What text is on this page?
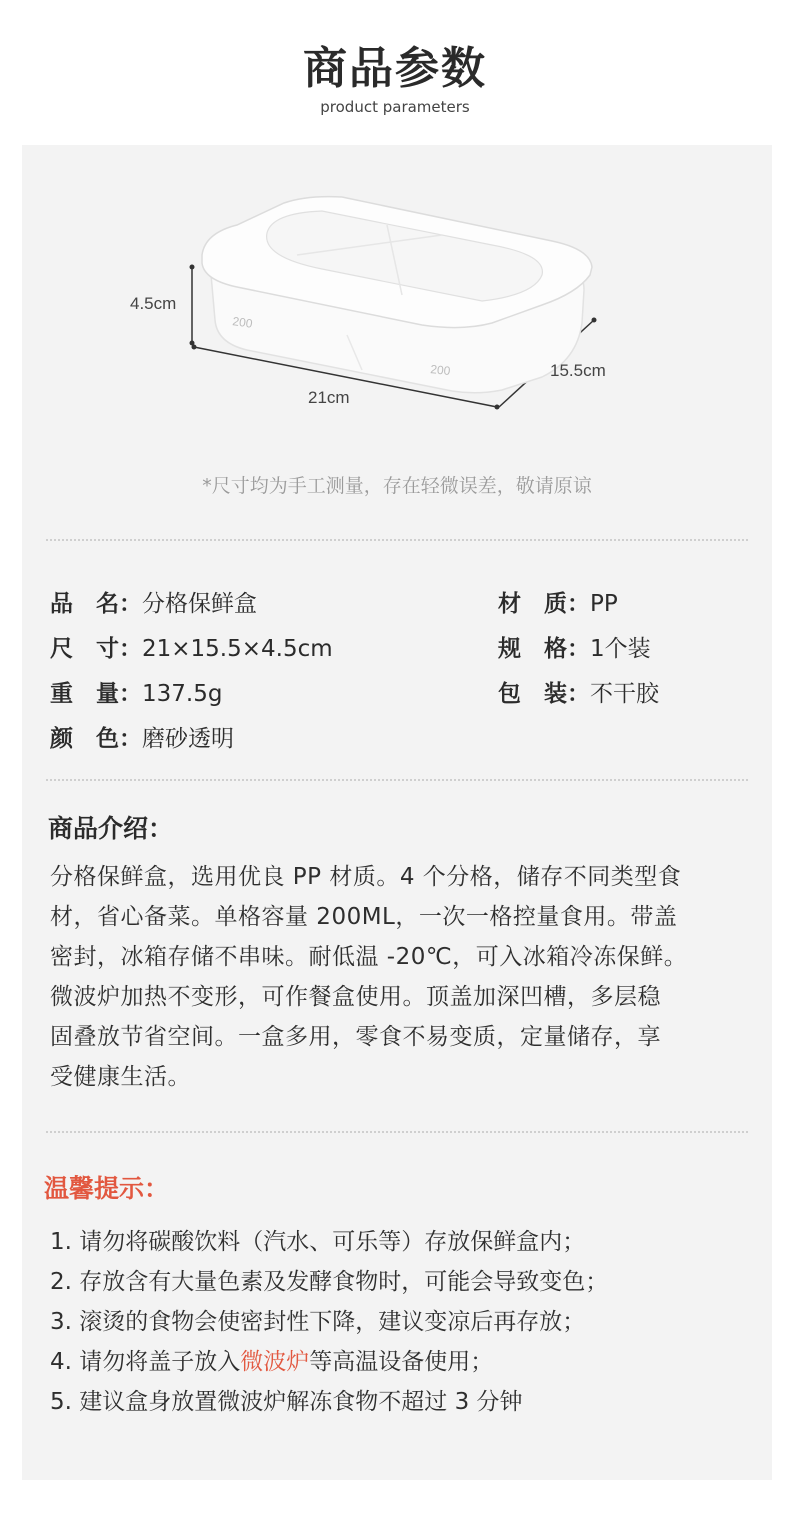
商品参数
product parameters
200
200
4.5cm
21cm
15.5cm
*尺寸均为手工测量，存在轻微误差，敬请原谅
品　名：分格保鲜盒	材　质：PP
尺　寸：21×15.5×4.5cm	规　格：1个装
重　量：137.5g	包　装：不干胶
颜　色：磨砂透明
商品介绍：
分格保鲜盒，选用优良 PP 材质。4 个分格，储存不同类型食
材，省心备菜。单格容量 200ML，一次一格控量食用。带盖
密封，冰箱存储不串味。耐低温 -20℃，可入冰箱冷冻保鲜。
微波炉加热不变形，可作餐盒使用。顶盖加深凹槽，多层稳
固叠放节省空间。一盒多用，零食不易变质，定量储存，享
受健康生活。
温馨提示：
1. 请勿将碳酸饮料（汽水、可乐等）存放保鲜盒内；
2. 存放含有大量色素及发酵食物时，可能会导致变色；
3. 滚烫的食物会使密封性下降，建议变凉后再存放；
4. 请勿将盖子放入微波炉等高温设备使用；
5. 建议盒身放置微波炉解冻食物不超过 3 分钟
